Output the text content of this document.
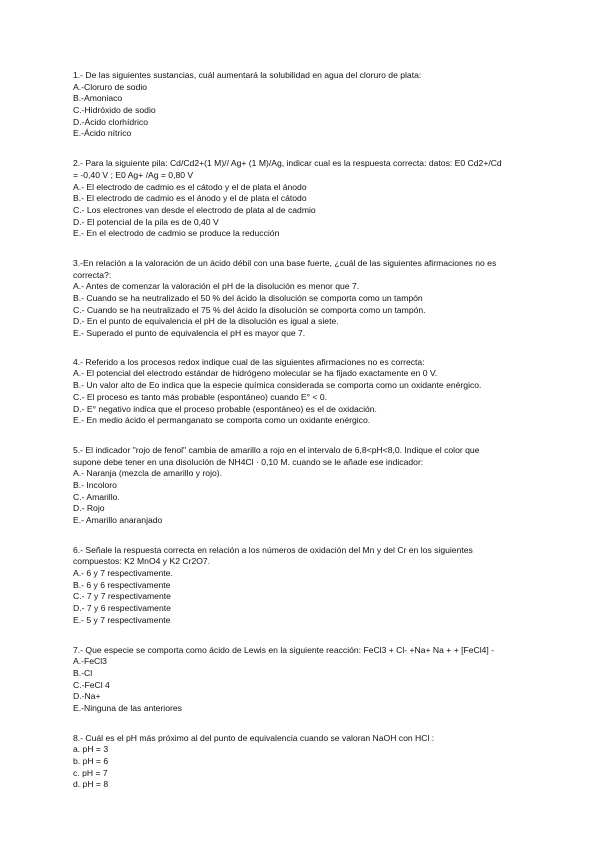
1.- De las siguientes sustancias, cuál aumentará la solubilidad en agua del cloruro de plata:
A.-Cloruro de sodio
B.-Amoniaco
C.-Hidróxido de sodio
D.-Ácido clorhídrico
E.-Ácido nítrico
2.- Para la siguiente pila: Cd/Cd2+(1 M)// Ag+ (1 M)/Ag, indicar cual es la respuesta correcta: datos: E0 Cd2+/Cd
= -0,40 V ; E0 Ag+ /Ag = 0,80 V
A.- El electrodo de cadmio es el cátodo y el de plata el ánodo
B.- El electrodo de cadmio es el ánodo y el de plata el cátodo
C.- Los electrones van desde el electrodo de plata al de cadmio
D.- El potencial de la pila es de 0,40 V
E.- En el electrodo de cadmio se produce la reducción
3.-En relación a la valoración de un ácido débil con una base fuerte, ¿cuál de las siguientes afirmaciones no es
correcta?:
A.- Antes de comenzar la valoración el pH de la disolución es menor que 7.
B.- Cuando se ha neutralizado el 50 % del ácido la disolución se comporta como un tampón
C.- Cuando se ha neutralizado el 75 % del ácido la disolución se comporta como un tampón.
D.- En el punto de equivalencia el pH de la disolución es igual a siete.
E.- Superado el punto de equivalencia el pH es mayor que 7.
4.- Referido a los procesos redox indique cual de las siguientes afirmaciones no es correcta:
A.- El potencial del electrodo estándar de hidrógeno molecular se ha fijado exactamente en 0 V.
B.- Un valor alto de Eo indica que la especie química considerada se comporta como un oxidante enérgico.
C.- El proceso es tanto más probable (espontáneo) cuando E° < 0.
D.- E° negativo indica que el proceso probable (espontáneo) es el de oxidación.
E.- En medio ácido el permanganato se comporta como un oxidante enérgico.
5.- El indicador "rojo de fenol" cambia de amarillo a rojo en el intervalo de 6,8<pH<8,0. Indique el color que
supone debe tener en una disolución de NH4Cl · 0,10 M. cuando se le añade ese indicador:
A.- Naranja (mezcla de amarillo y rojo).
B.- Incoloro
C.- Amarillo.
D.- Rojo
E.- Amarillo anaranjado
6.- Señale la respuesta correcta en relación a los números de oxidación del Mn y del Cr en los siguientes
compuestos: K2 MnO4 y K2 Cr2O7.
A.- 6 y 7 respectivamente.
B.- 6 y 6 respectivamente
C.- 7 y 7 respectivamente
D.- 7 y 6 respectivamente
E.- 5 y 7 respectivamente
7.- Que especie se comporta como ácido de Lewis en la siguiente reacción: FeCl3 + Cl- +Na+ Na + + [FeCl4] -
A.-FeCl3
B.-Cl
C.-FeCl 4
D.-Na+
E.-Ninguna de las anteriores
8.- Cuál es el pH más próximo al del punto de equivalencia cuando se valoran NaOH con HCl :
a. pH = 3
b. pH = 6
c. pH = 7
d. pH = 8
